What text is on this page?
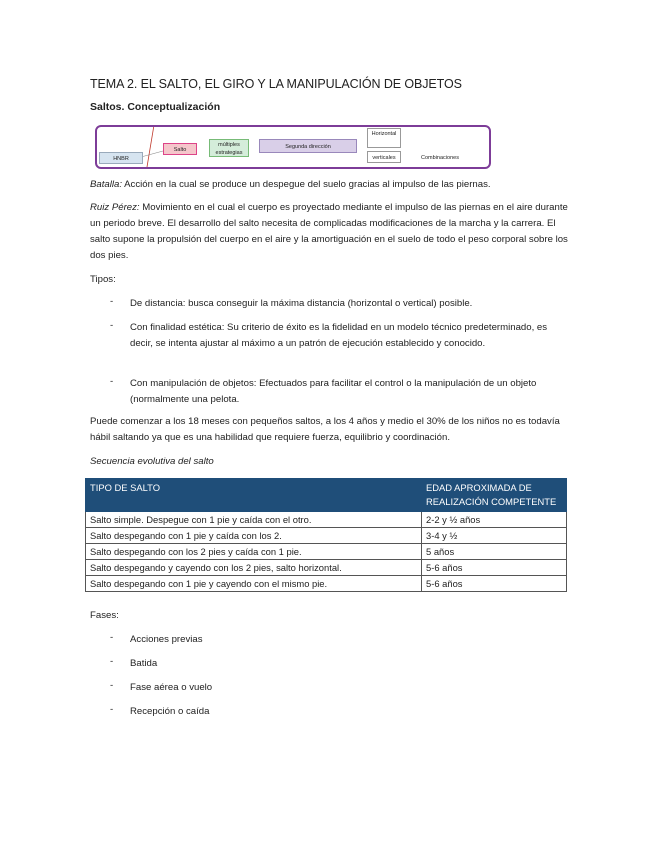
TEMA 2. EL SALTO, EL GIRO Y LA MANIPULACIÓN DE OBJETOS
Saltos. Conceptualización
HNBR
Salto
múltiples estrategias
Segunda dirección
Horizontal
verticales	Combinaciones
Batalla: Acción en la cual se produce un despegue del suelo gracias al impulso de las piernas.
Ruiz Pérez: Movimiento en el cual el cuerpo es proyectado mediante el impulso de las piernas en el aire durante un periodo breve. El desarrollo del salto necesita de complicadas modificaciones de la marcha y la carrera. El salto supone la propulsión del cuerpo en el aire y la amortiguación en el suelo de todo el peso corporal sobre los dos pies.
Tipos:
- De distancia: busca conseguir la máxima distancia (horizontal o vertical) posible.
- Con finalidad estética: Su criterio de éxito es la fidelidad en un modelo técnico predeterminado, es decir, se intenta ajustar al máximo a un patrón de ejecución establecido y conocido.
- Con manipulación de objetos: Efectuados para facilitar el control o la manipulación de un objeto (normalmente una pelota.
Puede comenzar a los 18 meses con pequeños saltos, a los 4 años y medio el 30% de los niños no es todavía hábil saltando ya que es una habilidad que requiere fuerza, equilibrio y coordinación.
Secuencia evolutiva del salto
TIPO DE SALTO	EDAD APROXIMADA DE REALIZACIÓN COMPETENTE
Salto simple. Despegue con 1 pie y caída con el otro.	2-2 y ½ años
Salto despegando con 1 pie y caída con los 2.	3-4 y ½
Salto despegando con los 2 pies y caída con 1 pie.	5 años
Salto despegando y cayendo con los 2 pies, salto horizontal.	5-6 años
Salto despegando con 1 pie y cayendo con el mismo pie.	5-6 años
Fases:
- Acciones previas
- Batida
- Fase aérea o vuelo
- Recepción o caída
